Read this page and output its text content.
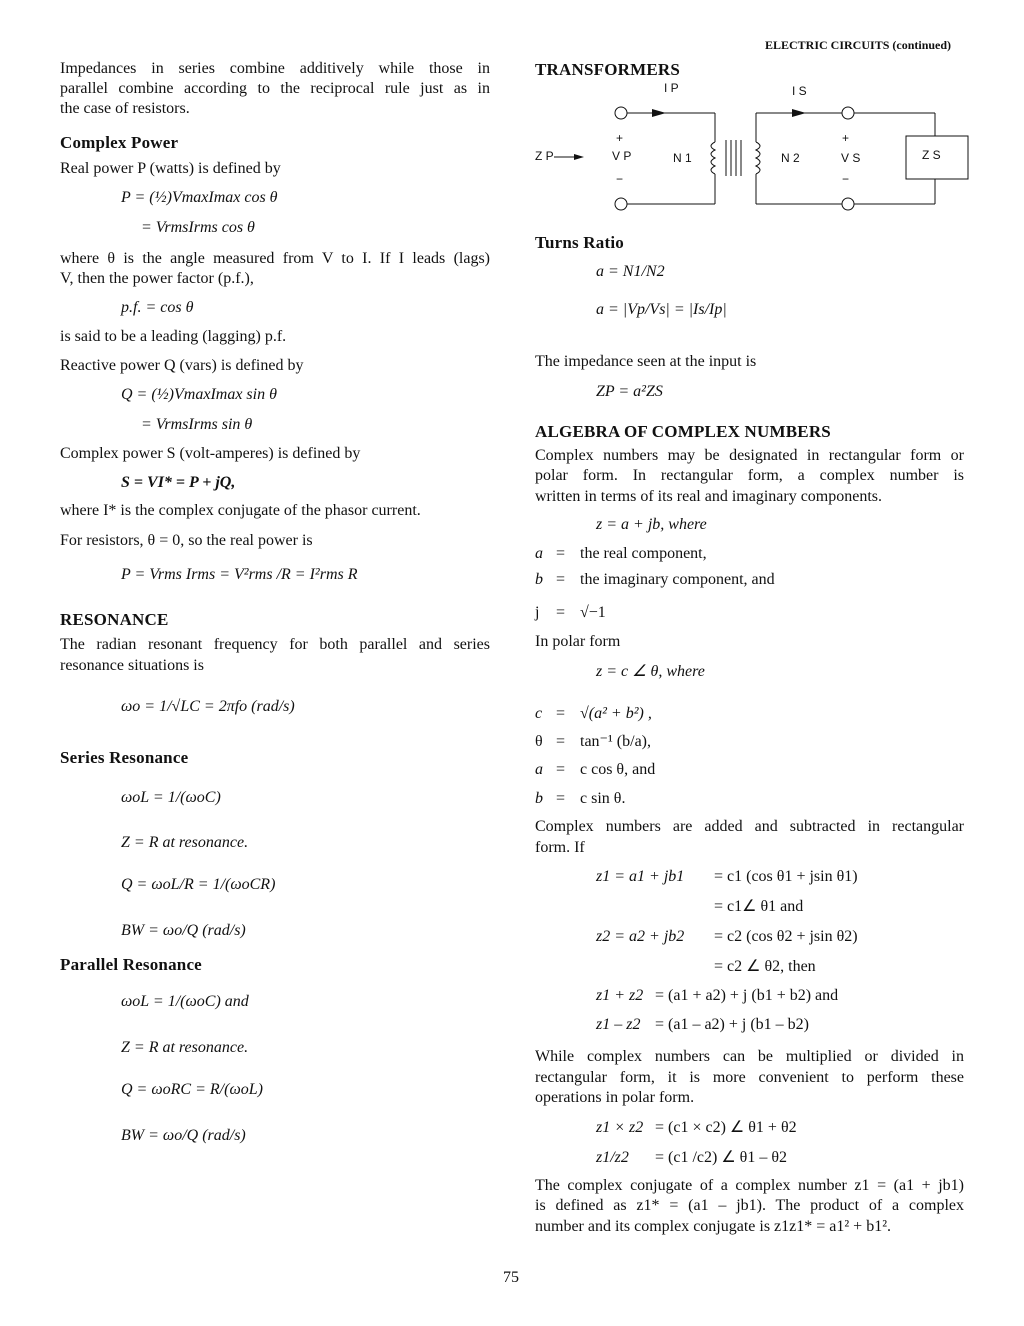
ELECTRIC CIRCUITS (continued)
Impedances in series combine additively while those in
parallel combine according to the reciprocal rule just as in
the case of resistors.
Complex Power
Real power P (watts) is defined by
P = (½)VmaxImax cos θ
= VrmsIrms cos θ
where θ is the angle measured from V to I. If I leads (lags)
V, then the power factor (p.f.),
p.f. = cos θ
is said to be a leading (lagging) p.f.
Reactive power Q (vars) is defined by
Q = (½)VmaxImax sin θ
= VrmsIrms sin θ
Complex power S (volt-amperes) is defined by
S = VI* = P + jQ,
where I* is the complex conjugate of the phasor current.
For resistors, θ = 0, so the real power is
P = Vrms Irms = V²rms /R = I²rms R
RESONANCE
The radian resonant frequency for both parallel and series
resonance situations is
ωo = 1/√LC = 2πfo (rad/s)
Series Resonance
ωoL = 1/(ωoC)
Z = R at resonance.
Q = ωoL/R = 1/(ωoCR)
BW = ωo/Q (rad/s)
Parallel Resonance
ωoL = 1/(ωoC) and
Z = R at resonance.
Q = ωoRC = R/(ωoL)
BW = ωo/Q (rad/s)
TRANSFORMERS
I P	I S
Z P
+
V P
−
N 1	N 2
+
V S
−
Z S
Turns Ratio
a = N1/N2
a = |Vp/Vs| = |Is/Ip|
The impedance seen at the input is
ZP = a²ZS
ALGEBRA OF COMPLEX NUMBERS
Complex numbers may be designated in rectangular form or
polar form. In rectangular form, a complex number is
written in terms of its real and imaginary components.
z = a + jb, where
a = the real component,
b = the imaginary component, and
j	= √−1
In polar form
z = c ∠ θ, where
c = √(a² + b²) ,
θ = tan⁻¹ (b/a),
a = c cos θ, and
b = c sin θ.
Complex numbers are added and subtracted in rectangular
form. If
z1 = a1 + jb1 = c1 (cos θ1 + jsin θ1)
= c1∠ θ1 and
z2 = a2 + jb2 = c2 (cos θ2 + jsin θ2)
= c2 ∠ θ2, then
z1 + z2 = (a1 + a2) + j (b1 + b2) and
z1 – z2 = (a1 – a2) + j (b1 – b2)
While complex numbers can be multiplied or divided in
rectangular form, it is more convenient to perform these
operations in polar form.
z1 × z2 = (c1 × c2) ∠ θ1 + θ2
z1/z2 = (c1 /c2) ∠ θ1 – θ2
The complex conjugate of a complex number z1 = (a1 + jb1)
is defined as z1* = (a1 – jb1). The product of a complex
number and its complex conjugate is z1z1* = a1² + b1².
75
